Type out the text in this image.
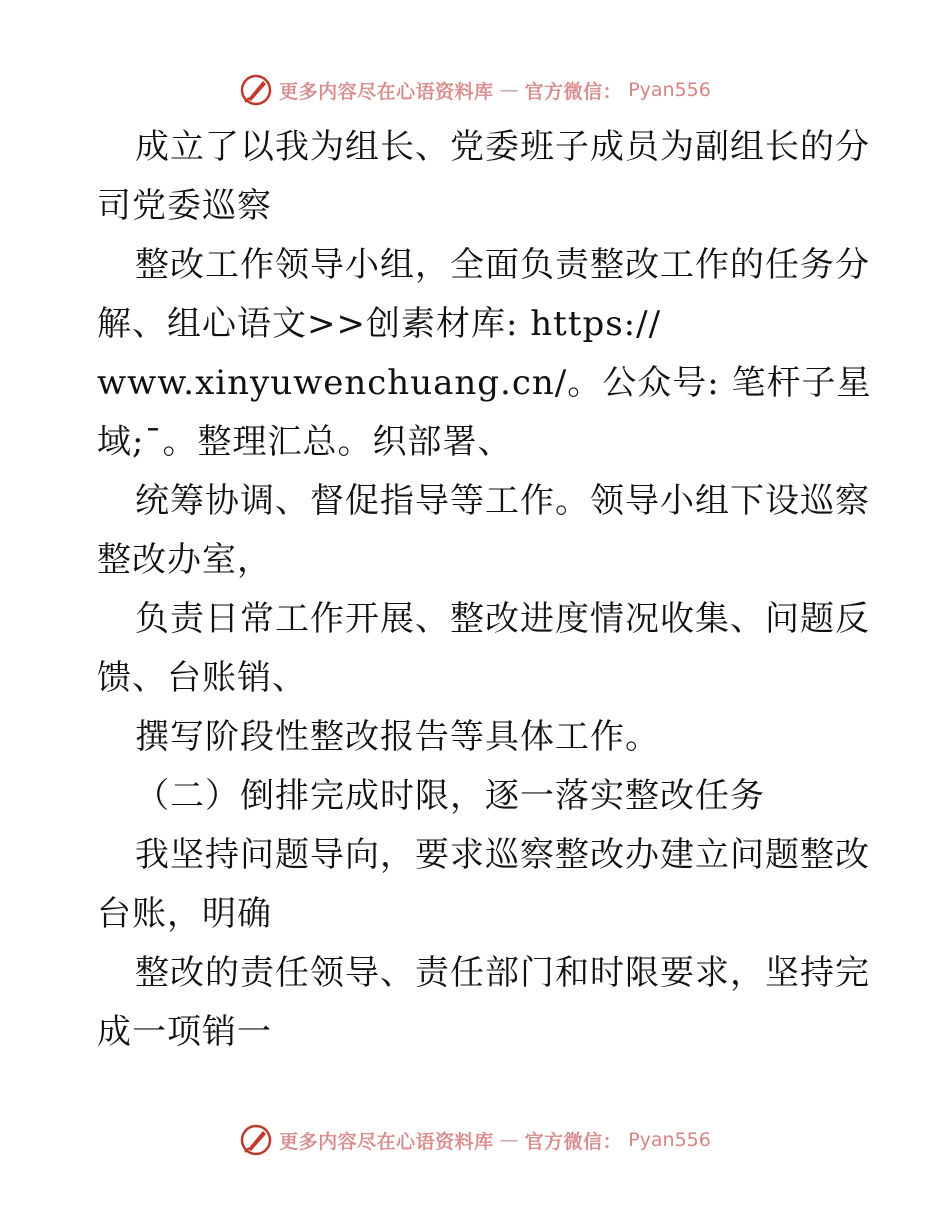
更多内容尽在心语资料库 — 官方微信： Pyan556
成立了以我为组长、党委班子成员为副组长的分
司党委巡察
整改工作领导小组，全面负责整改工作的任务分
解、组心语文>>创素材库: https://
www.xinyuwenchuang.cn/。公众号: 笔杆子星
域;¯。整理汇总。织部署、
统筹协调、督促指导等工作。领导小组下设巡察
整改办室，
负责日常工作开展、整改进度情况收集、问题反
馈、台账销、
撰写阶段性整改报告等具体工作。
（二）倒排完成时限，逐一落实整改任务
我坚持问题导向，要求巡察整改办建立问题整改
台账，明确
整改的责任领导、责任部门和时限要求，坚持完
成一项销一
更多内容尽在心语资料库 — 官方微信： Pyan556
